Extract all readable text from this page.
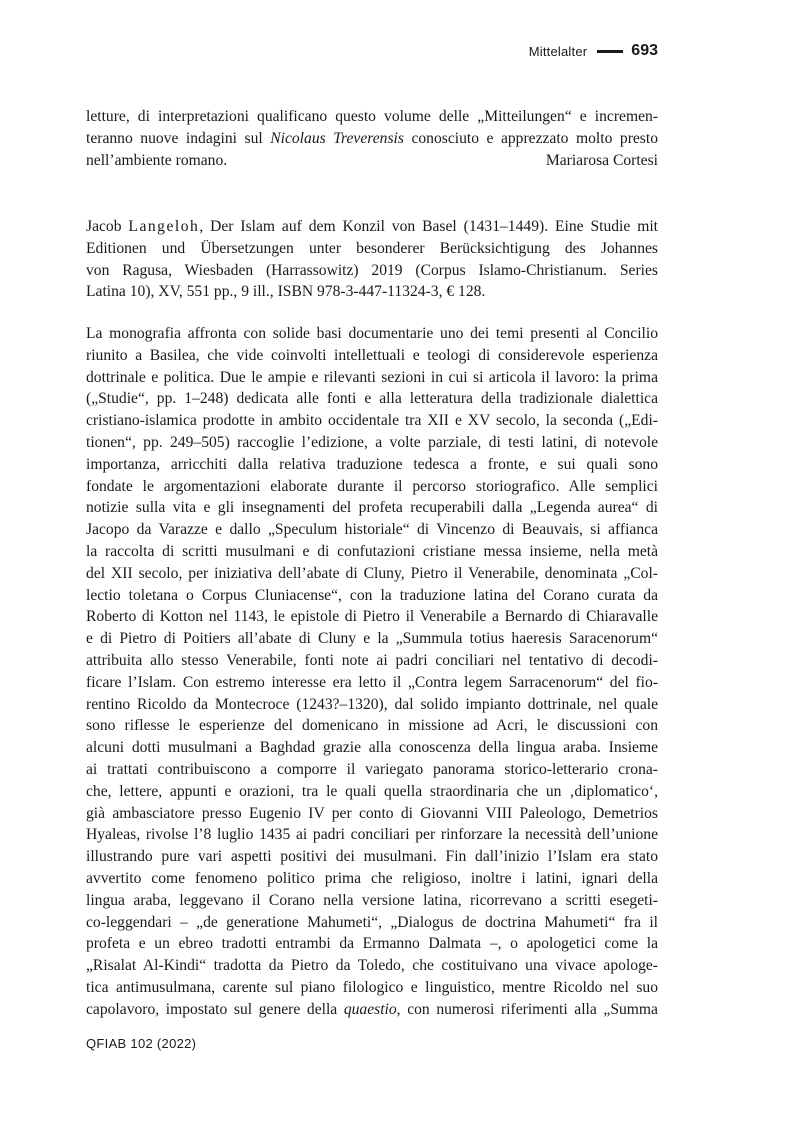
Mittelalter	693
letture, di interpretazioni qualificano questo volume delle „Mitteilungen“ e incremen-
teranno nuove indagini sul Nicolaus Treverensis conosciuto e apprezzato molto presto
nell’ambiente romano.	Mariarosa Cortesi
Jacob Langeloh, Der Islam auf dem Konzil von Basel (1431–1449). Eine Studie mit
Editionen und Übersetzungen unter besonderer Berücksichtigung des Johannes
von Ragusa, Wiesbaden (Harrassowitz) 2019 (Corpus Islamo-Christianum. Series
Latina 10), XV, 551 pp., 9 ill., ISBN 978-3-447-11324-3, € 128.
La monografia affronta con solide basi documentarie uno dei temi presenti al Concilio
riunito a Basilea, che vide coinvolti intellettuali e teologi di considerevole esperienza
dottrinale e politica. Due le ampie e rilevanti sezioni in cui si articola il lavoro: la prima
(„Studie“, pp. 1–248) dedicata alle fonti e alla letteratura della tradizionale dialettica
cristiano-islamica prodotte in ambito occidentale tra XII e XV secolo, la seconda („Edi-
tionen“, pp. 249–505) raccoglie l’edizione, a volte parziale, di testi latini, di notevole
importanza, arricchiti dalla relativa traduzione tedesca a fronte, e sui quali sono
fondate le argomentazioni elaborate durante il percorso storiografico. Alle semplici
notizie sulla vita e gli insegnamenti del profeta recuperabili dalla „Legenda aurea“ di
Jacopo da Varazze e dallo „Speculum historiale“ di Vincenzo di Beauvais, si affianca
la raccolta di scritti musulmani e di confutazioni cristiane messa insieme, nella metà
del XII secolo, per iniziativa dell’abate di Cluny, Pietro il Venerabile, denominata „Col-
lectio toletana o Corpus Cluniacense“, con la traduzione latina del Corano curata da
Roberto di Kotton nel 1143, le epistole di Pietro il Venerabile a Bernardo di Chiaravalle
e di Pietro di Poitiers all’abate di Cluny e la „Summula totius haeresis Saracenorum“
attribuita allo stesso Venerabile, fonti note ai padri conciliari nel tentativo di decodi-
ficare l’Islam. Con estremo interesse era letto il „Contra legem Sarracenorum“ del fio-
rentino Ricoldo da Montecroce (1243?–1320), dal solido impianto dottrinale, nel quale
sono riflesse le esperienze del domenicano in missione ad Acri, le discussioni con
alcuni dotti musulmani a Baghdad grazie alla conoscenza della lingua araba. Insieme
ai trattati contribuiscono a comporre il variegato panorama storico-letterario crona-
che, lettere, appunti e orazioni, tra le quali quella straordinaria che un ‚diplomatico‘,
già ambasciatore presso Eugenio IV per conto di Giovanni VIII Paleologo, Demetrios
Hyaleas, rivolse l’8 luglio 1435 ai padri conciliari per rinforzare la necessità dell’unione
illustrando pure vari aspetti positivi dei musulmani. Fin dall’inizio l’Islam era stato
avvertito come fenomeno politico prima che religioso, inoltre i latini, ignari della
lingua araba, leggevano il Corano nella versione latina, ricorrevano a scritti esegeti-
co-leggendari – „de generatione Mahumeti“, „Dialogus de doctrina Mahumeti“ fra il
profeta e un ebreo tradotti entrambi da Ermanno Dalmata –, o apologetici come la
„Risalat Al-Kindi“ tradotta da Pietro da Toledo, che costituivano una vivace apologe-
tica antimusulmana, carente sul piano filologico e linguistico, mentre Ricoldo nel suo
capolavoro, impostato sul genere della quaestio, con numerosi riferimenti alla „Summa
QFIAB 102 (2022)
